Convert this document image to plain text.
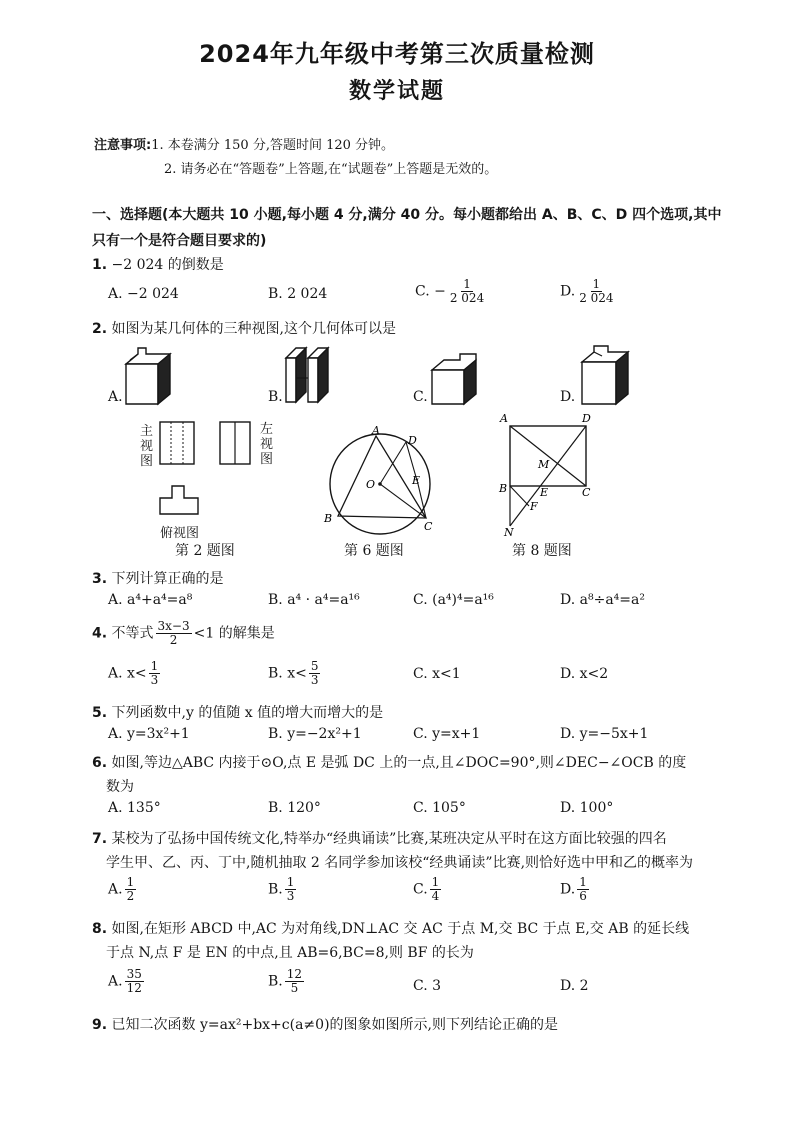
2024年九年级中考第三次质量检测
数学试题
注意事项:1. 本卷满分 150 分,答题时间 120 分钟。
2. 请务必在“答题卷”上答题,在“试题卷”上答题是无效的。
一、选择题(本大题共 10 小题,每小题 4 分,满分 40 分。每小题都给出 A、B、C、D 四个选项,其中
只有一个是符合题目要求的)
1. −2 024 的倒数是
A. −2 024	B. 2 024	C. − $\frac{1}{2 024}$	D. $\frac{1}{2 024}$
2. 如图为某几何体的三种视图,这个几何体可以是
A.	B.	C.	D.
主
视
图
左
视
图
俯视图
第 2 题图
A
D
E
O
B
C
第 6 题图
A	D
M
B	E	C
F
N
第 8 题图
3. 下列计算正确的是
A. a⁴+a⁴=a⁸	B. a⁴ · a⁴=a¹⁶	C. (a⁴)⁴=a¹⁶	D. a⁸÷a⁴=a²
4. 不等式 $\frac{3x-3}{2} <1$ 的解集是
A. $x< \frac{1}{3}$	B. $x< \frac{5}{3}$	C. x<1	D. x<2
5. 下列函数中,y 的值随 x 值的增大而增大的是
A. y=3x²+1	B. y=−2x²+1	C. y=x+1	D. y=−5x+1
6. 如图,等边△ABC 内接于⊙O,点 E 是弧 DC 上的一点,且∠DOC=90°,则∠DEC−∠OCB 的度
数为
A. 135°	B. 120°	C. 105°	D. 100°
7. 某校为了弘扬中国传统文化,特举办“经典诵读”比赛,某班决定从平时在这方面比较强的四名
学生甲、乙、丙、丁中,随机抽取 2 名同学参加该校“经典诵读”比赛,则恰好选中甲和乙的概率为
A. $\frac{1}{2}$	B. $\frac{1}{3}$	C. $\frac{1}{4}$	D. $\frac{1}{6}$
8. 如图,在矩形 ABCD 中,AC 为对角线,DN⊥AC 交 AC 于点 M,交 BC 于点 E,交 AB 的延长线
于点 N,点 F 是 EN 的中点,且 AB=6,BC=8,则 BF 的长为
A. $\frac{35}{12}$	B. $\frac{12}{5}$	C. 3	D. 2
9. 已知二次函数 y=ax²+bx+c(a≠0)的图象如图所示,则下列结论正确的是
